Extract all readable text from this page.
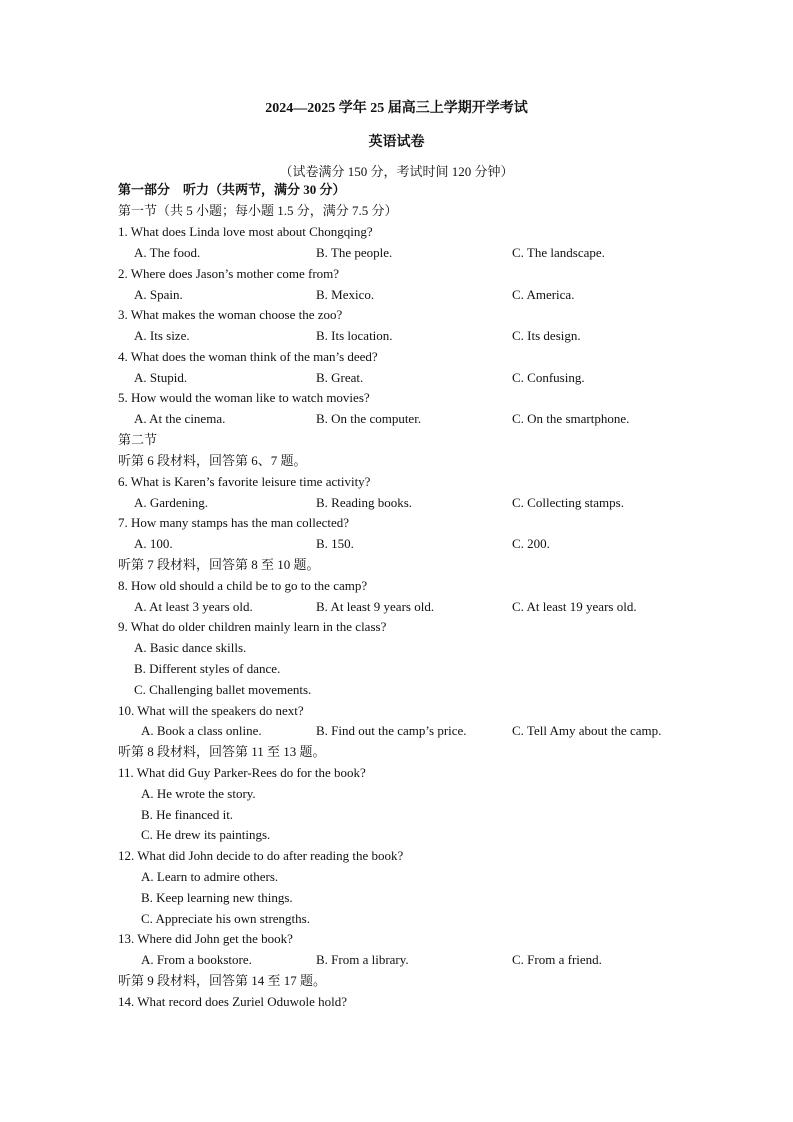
2024—2025 学年 25 届高三上学期开学考试
英语试卷
（试卷满分 150 分，考试时间 120 分钟）
第一部分　听力（共两节，满分 30 分）
第一节（共 5 小题；每小题 1.5 分，满分 7.5 分）
1. What does Linda love most about Chongqing?
A. The food.	B. The people.	C. The landscape.
2. Where does Jason’s mother come from?
A. Spain.	B. Mexico.	C. America.
3. What makes the woman choose the zoo?
A. Its size.	B. Its location.	C. Its design.
4. What does the woman think of the man’s deed?
A. Stupid.	B. Great.	C. Confusing.
5. How would the woman like to watch movies?
A. At the cinema.	B. On the computer.	C. On the smartphone.
第二节
听第 6 段材料，回答第 6、7 题。
6. What is Karen’s favorite leisure time activity?
A. Gardening.	B. Reading books.	C. Collecting stamps.
7. How many stamps has the man collected?
A. 100.	B. 150.	C. 200.
听第 7 段材料，回答第 8 至 10 题。
8. How old should a child be to go to the camp?
A. At least 3 years old.	B. At least 9 years old.	C. At least 19 years old.
9. What do older children mainly learn in the class?
A. Basic dance skills.
B. Different styles of dance.
C. Challenging ballet movements.
10. What will the speakers do next?
A. Book a class online.	B. Find out the camp’s price.	C. Tell Amy about the camp.
听第 8 段材料，回答第 11 至 13 题。
11. What did Guy Parker-Rees do for the book?
A. He wrote the story.
B. He financed it.
C. He drew its paintings.
12. What did John decide to do after reading the book?
A. Learn to admire others.
B. Keep learning new things.
C. Appreciate his own strengths.
13. Where did John get the book?
A. From a bookstore.	B. From a library.	C. From a friend.
听第 9 段材料，回答第 14 至 17 题。
14. What record does Zuriel Oduwole hold?
